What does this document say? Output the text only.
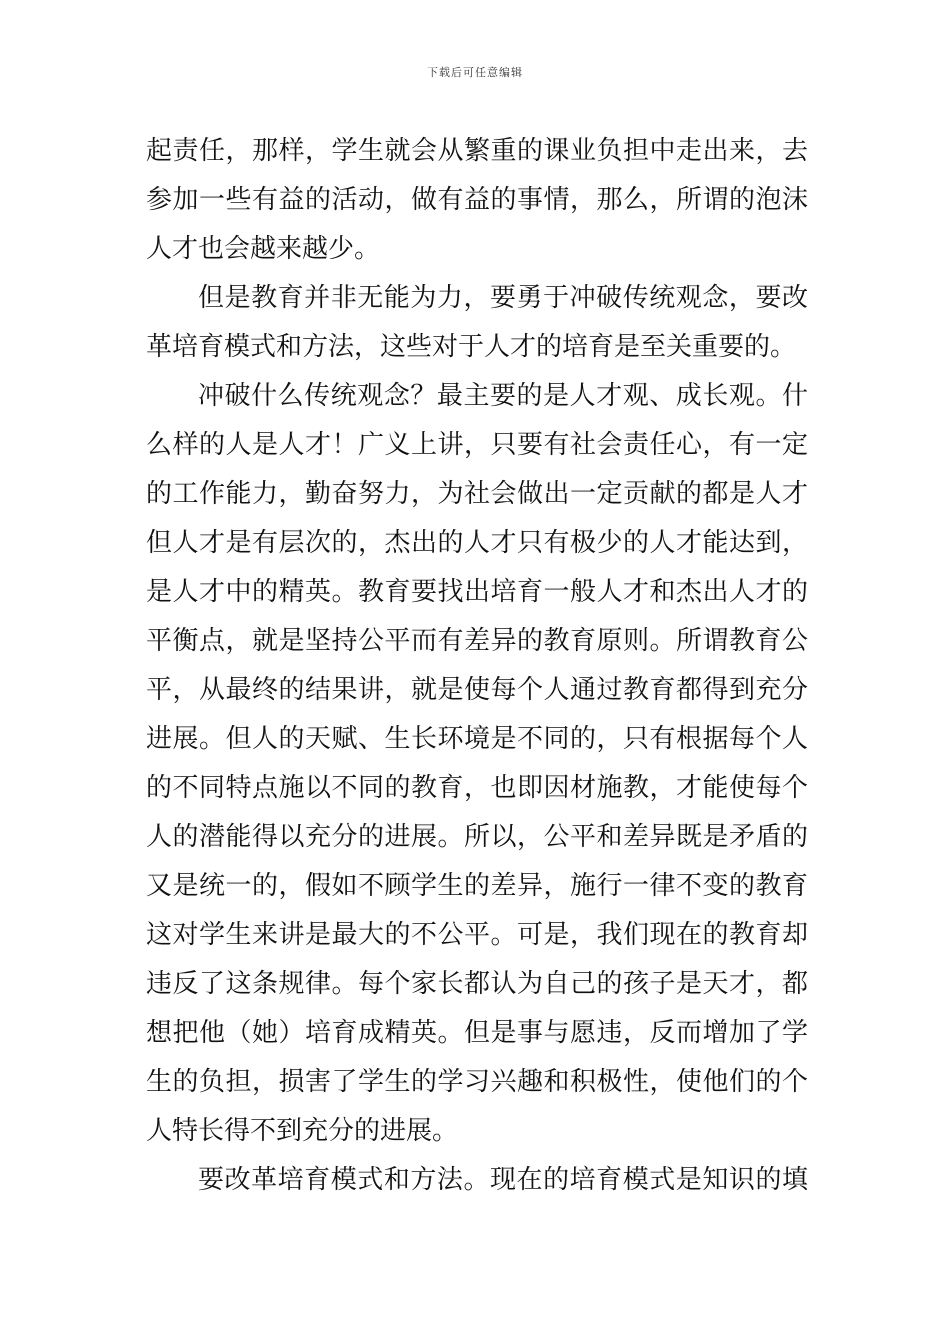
下载后可任意编辑
起责任，那样，学生就会从繁重的课业负担中走出来，去
参加一些有益的活动，做有益的事情，那么，所谓的泡沫
人才也会越来越少。
但是教育并非无能为力，要勇于冲破传统观念，要改
革培育模式和方法，这些对于人才的培育是至关重要的。
冲破什么传统观念？最主要的是人才观、成长观。什
么样的人是人才！广义上讲，只要有社会责任心，有一定
的工作能力，勤奋努力，为社会做出一定贡献的都是人才
但人才是有层次的，杰出的人才只有极少的人才能达到，
是人才中的精英。教育要找出培育一般人才和杰出人才的
平衡点，就是坚持公平而有差异的教育原则。所谓教育公
平，从最终的结果讲，就是使每个人通过教育都得到充分
进展。但人的天赋、生长环境是不同的，只有根据每个人
的不同特点施以不同的教育，也即因材施教，才能使每个
人的潜能得以充分的进展。所以，公平和差异既是矛盾的
又是统一的，假如不顾学生的差异，施行一律不变的教育
这对学生来讲是最大的不公平。可是，我们现在的教育却
违反了这条规律。每个家长都认为自己的孩子是天才，都
想把他（她）培育成精英。但是事与愿违，反而增加了学
生的负担，损害了学生的学习兴趣和积极性，使他们的个
人特长得不到充分的进展。
要改革培育模式和方法。现在的培育模式是知识的填
